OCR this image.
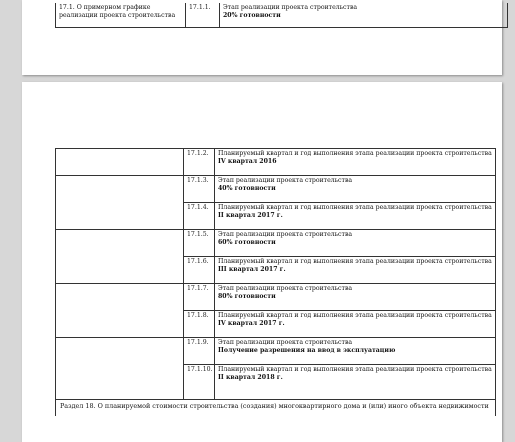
17.1. О примерном графике реализации проекта строительства	17.1.1.	Этап реализации проекта строительства
20% готовности
	17.1.2.	Планируемый квартал и год выполнения этапа реализации проекта строительства
IV квартал 2016

	17.1.3.	Этап реализации проекта строительства
40% готовности

	17.1.4.	Планируемый квартал и год выполнения этапа реализации проекта строительства
II квартал 2017 г.

	17.1.5.	Этап реализации проекта строительства
60% готовности

	17.1.6.	Планируемый квартал и год выполнения этапа реализации проекта строительства
III квартал 2017 г.

	17.1.7.	Этап реализации проекта строительства
80% готовности

	17.1.8.	Планируемый квартал и год выполнения этапа реализации проекта строительства
IV квартал 2017 г.

	17.1.9.	Этап реализации проекта строительства
Получение разрешения на ввод в эксплуатацию

	17.1.10.	Планируемый квартал и год выполнения этапа реализации проекта строительства
II квартал 2018 г.

Раздел 18. О планируемой стоимости строительства (создания) многоквартирного дома и (или) иного объекта недвижимости		
